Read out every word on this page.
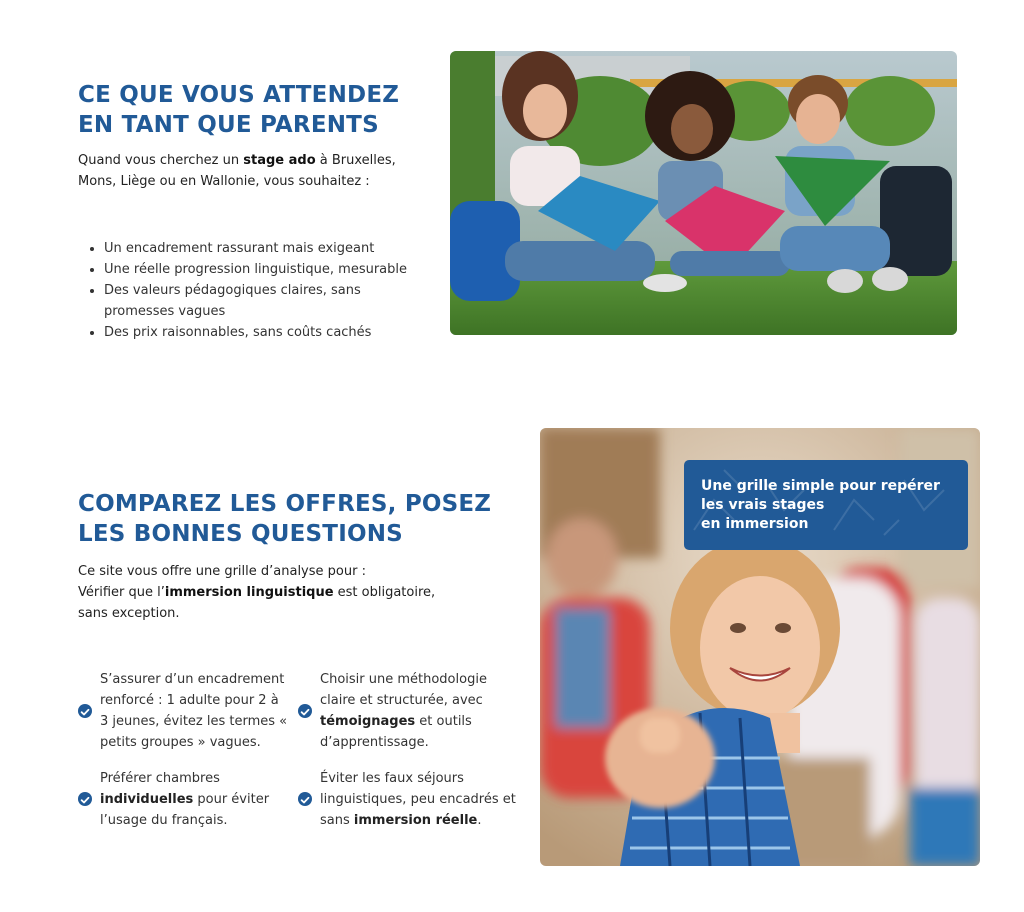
CE QUE VOUS ATTENDEZ
EN TANT QUE PARENTS

Quand vous cherchez un stage ado à Bruxelles, Mons, Liège ou en Wallonie, vous souhaitez :

Un encadrement rassurant mais exigeant
Une réelle progression linguistique, mesurable
Des valeurs pédagogiques claires, sans promesses vagues
Des prix raisonnables, sans coûts cachés
COMPAREZ LES OFFRES, POSEZ
LES BONNES QUESTIONS

Ce site vous offre une grille d’analyse pour :
Vérifier que l’immersion linguistique est obligatoire, sans exception.

S’assurer d’un encadrement renforcé : 1 adulte pour 2 à 3 jeunes, évitez les termes « petits groupes » vagues.

Choisir une méthodologie claire et structurée, avec témoignages et outils d’apprentissage.

Préférer chambres individuelles pour éviter l’usage du français.

Éviter les faux séjours linguistiques, peu encadrés et sans immersion réelle.

Une grille simple pour repérer
les vrais stages
en immersion
